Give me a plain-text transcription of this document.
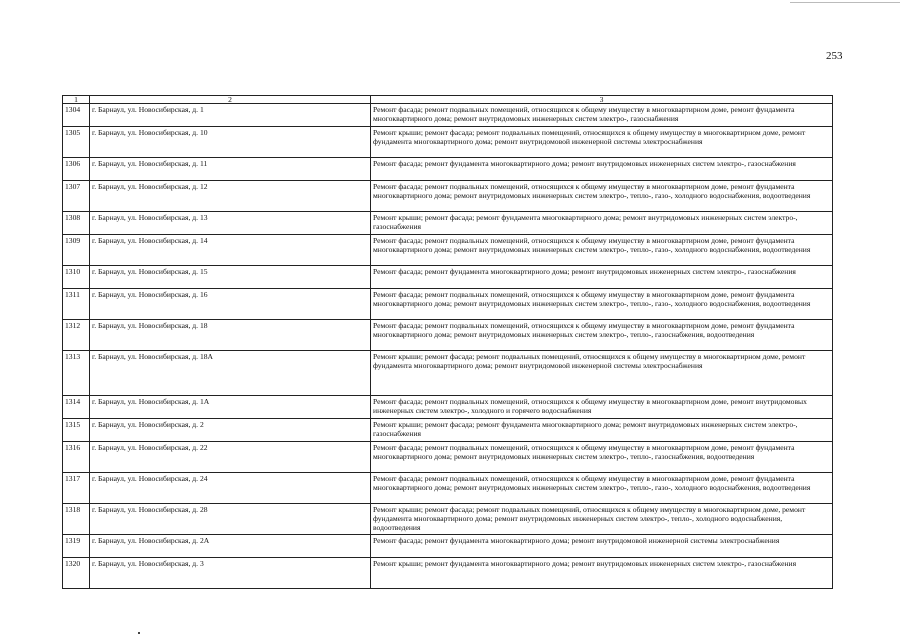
253
1	2	3
1304	г. Барнаул, ул. Новосибирская, д. 1	Ремонт фасада; ремонт подвальных помещений, относящихся к общему имуществу в многоквартирном доме, ремонт фундамента многоквартирного дома; ремонт внутридомовых инженерных систем электро-, газоснабжения
1305	г. Барнаул, ул. Новосибирская, д. 10	Ремонт крыши; ремонт фасада; ремонт подвальных помещений, относящихся к общему имуществу в многоквартирном доме, ремонт фундамента многоквартирного дома; ремонт внутридомовой инженерной системы электроснабжения
1306	г. Барнаул, ул. Новосибирская, д. 11	Ремонт фасада; ремонт фундамента многоквартирного дома; ремонт внутридомовых инженерных систем электро-, газоснабжения
1307	г. Барнаул, ул. Новосибирская, д. 12	Ремонт фасада; ремонт подвальных помещений, относящихся к общему имуществу в многоквартирном доме, ремонт фундамента многоквартирного дома; ремонт внутридомовых инженерных систем электро-, тепло-, газо-, холодного водоснабжения, водоотведения
1308	г. Барнаул, ул. Новосибирская, д. 13	Ремонт крыши; ремонт фасада; ремонт фундамента многоквартирного дома; ремонт внутридомовых инженерных систем электро-, газоснабжения
1309	г. Барнаул, ул. Новосибирская, д. 14	Ремонт фасада; ремонт подвальных помещений, относящихся к общему имуществу в многоквартирном доме, ремонт фундамента многоквартирного дома; ремонт внутридомовых инженерных систем электро-, тепло-, газо-, холодного водоснабжения, водоотведения
1310	г. Барнаул, ул. Новосибирская, д. 15	Ремонт фасада; ремонт фундамента многоквартирного дома; ремонт внутридомовых инженерных систем электро-, газоснабжения
1311	г. Барнаул, ул. Новосибирская, д. 16	Ремонт фасада; ремонт подвальных помещений, относящихся к общему имуществу в многоквартирном доме, ремонт фундамента многоквартирного дома; ремонт внутридомовых инженерных систем электро-, тепло-, газо-, холодного водоснабжения, водоотведения
1312	г. Барнаул, ул. Новосибирская, д. 18	Ремонт фасада; ремонт подвальных помещений, относящихся к общему имуществу в многоквартирном доме, ремонт фундамента многоквартирного дома; ремонт внутридомовых инженерных систем электро-, тепло-, газоснабжения, водоотведения
1313	г. Барнаул, ул. Новосибирская, д. 18А	Ремонт крыши; ремонт фасада; ремонт подвальных помещений, относящихся к общему имуществу в многоквартирном доме, ремонт фундамента многоквартирного дома; ремонт внутридомовой инженерной системы электроснабжения
1314	г. Барнаул, ул. Новосибирская, д. 1А	Ремонт фасада; ремонт подвальных помещений, относящихся к общему имуществу в многоквартирном доме, ремонт внутридомовых инженерных систем электро-, холодного и горячего водоснабжения
1315	г. Барнаул, ул. Новосибирская, д. 2	Ремонт крыши; ремонт фасада; ремонт фундамента многоквартирного дома; ремонт внутридомовых инженерных систем электро-, газоснабжения
1316	г. Барнаул, ул. Новосибирская, д. 22	Ремонт фасада; ремонт подвальных помещений, относящихся к общему имуществу в многоквартирном доме, ремонт фундамента многоквартирного дома; ремонт внутридомовых инженерных систем электро-, тепло-, газоснабжения, водоотведения
1317	г. Барнаул, ул. Новосибирская, д. 24	Ремонт фасада; ремонт подвальных помещений, относящихся к общему имуществу в многоквартирном доме, ремонт фундамента многоквартирного дома; ремонт внутридомовых инженерных систем электро-, тепло-, газо-, холодного водоснабжения, водоотведения
1318	г. Барнаул, ул. Новосибирская, д. 28	Ремонт крыши; ремонт фасада; ремонт подвальных помещений, относящихся к общему имуществу в многоквартирном доме, ремонт фундамента многоквартирного дома; ремонт внутридомовых инженерных систем электро-, тепло-, холодного водоснабжения, водоотведения
1319	г. Барнаул, ул. Новосибирская, д. 2А	Ремонт фасада; ремонт фундамента многоквартирного дома; ремонт внутридомовой инженерной системы электроснабжения
1320	г. Барнаул, ул. Новосибирская, д. 3	Ремонт крыши; ремонт фундамента многоквартирного дома; ремонт внутридомовых инженерных систем электро-, газоснабжения
